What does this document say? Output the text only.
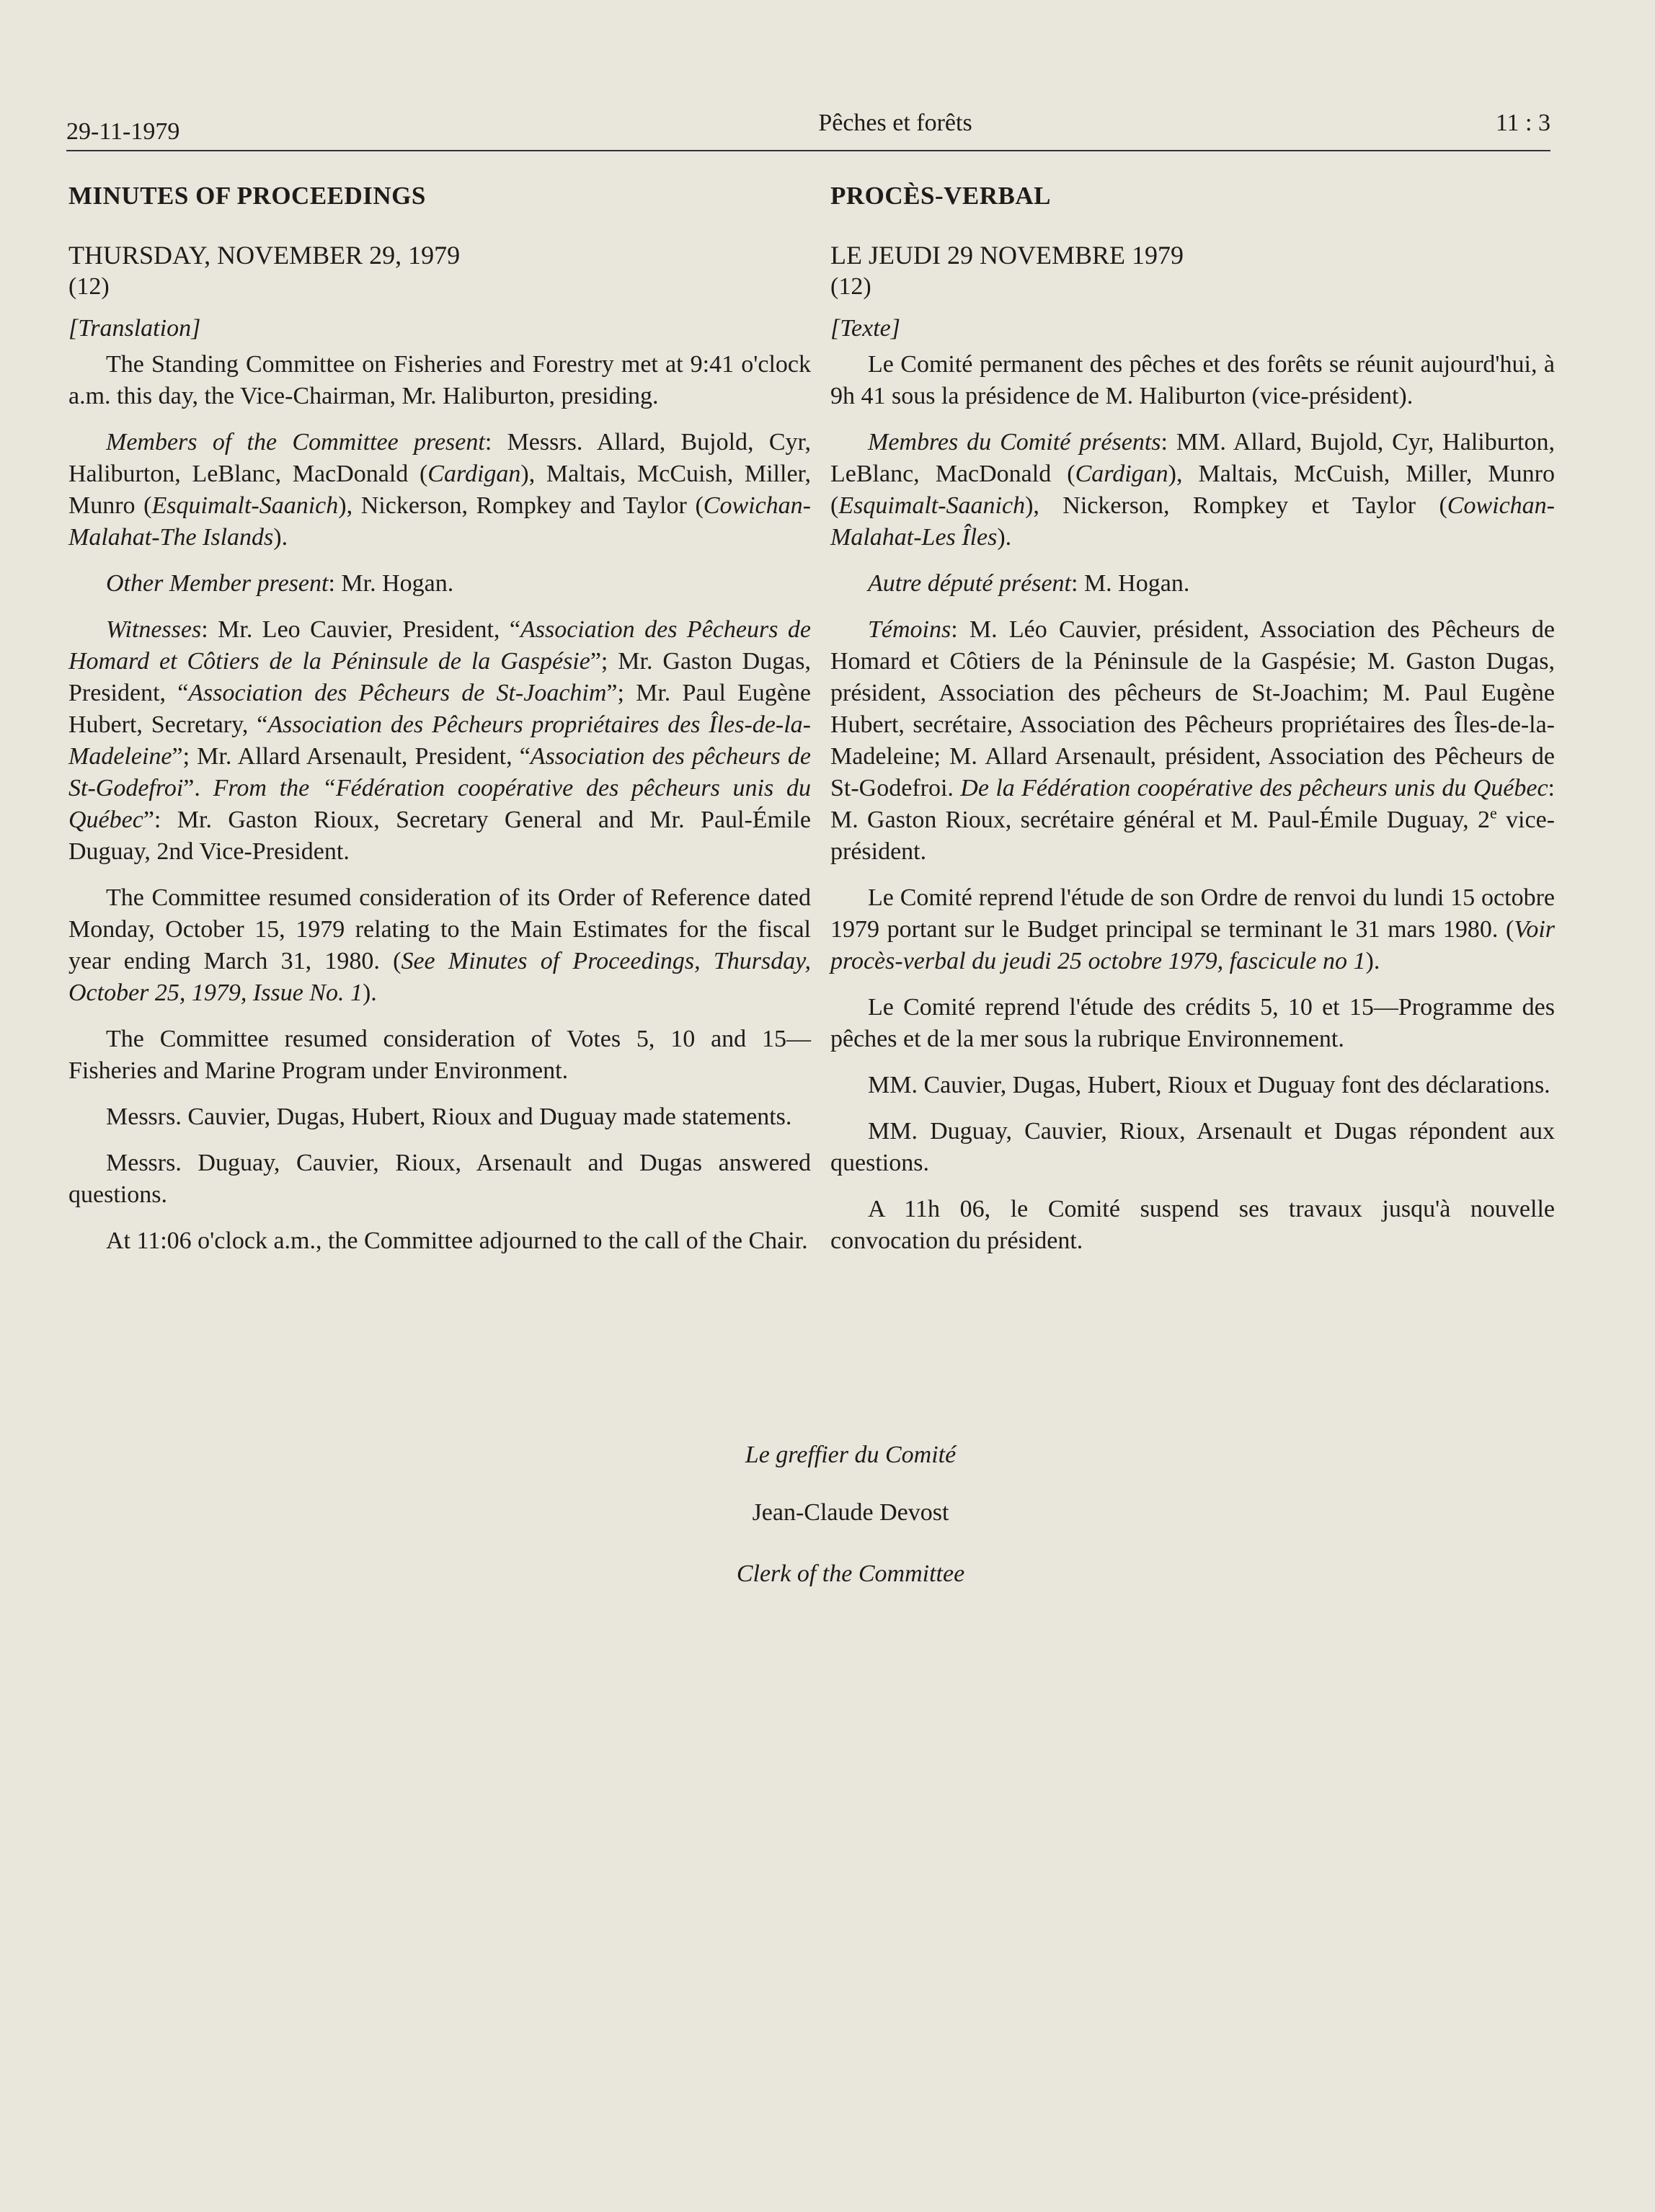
29-11-1979	Pêches et forêts	11 : 3

MINUTES OF PROCEEDINGS

THURSDAY, NOVEMBER 29, 1979

(12)

[Translation]

The Standing Committee on Fisheries and Forestry met at 9:41 o'clock a.m. this day, the Vice-Chairman, Mr. Haliburton, presiding.

Members of the Committee present: Messrs. Allard, Bujold, Cyr, Haliburton, LeBlanc, MacDonald (Cardigan), Maltais, McCuish, Miller, Munro (Esquimalt-Saanich), Nickerson, Rompkey and Taylor (Cowichan-Malahat-The Islands).

Other Member present: Mr. Hogan.

Witnesses: Mr. Leo Cauvier, President, “Association des Pêcheurs de Homard et Côtiers de la Péninsule de la Gaspésie”; Mr. Gaston Dugas, President, “Association des Pêcheurs de St-Joachim”; Mr. Paul Eugène Hubert, Secretary, “Association des Pêcheurs propriétaires des Îles-de-la-Madeleine”; Mr. Allard Arsenault, President, “Association des pêcheurs de St-Godefroi”. From the “Fédération coopérative des pêcheurs unis du Québec”: Mr. Gaston Rioux, Secretary General and Mr. Paul-Émile Duguay, 2nd Vice-President.

The Committee resumed consideration of its Order of Reference dated Monday, October 15, 1979 relating to the Main Estimates for the fiscal year ending March 31, 1980. (See Minutes of Proceedings, Thursday, October 25, 1979, Issue No. 1).

The Committee resumed consideration of Votes 5, 10 and 15—Fisheries and Marine Program under Environment.

Messrs. Cauvier, Dugas, Hubert, Rioux and Duguay made statements.

Messrs. Duguay, Cauvier, Rioux, Arsenault and Dugas answered questions.

At 11:06 o'clock a.m., the Committee adjourned to the call of the Chair.

PROCÈS-VERBAL

LE JEUDI 29 NOVEMBRE 1979

(12)

[Texte]

Le Comité permanent des pêches et des forêts se réunit aujourd'hui, à 9h 41 sous la présidence de M. Haliburton (vice-président).

Membres du Comité présents: MM. Allard, Bujold, Cyr, Haliburton, LeBlanc, MacDonald (Cardigan), Maltais, McCuish, Miller, Munro (Esquimalt-Saanich), Nickerson, Rompkey et Taylor (Cowichan-Malahat-Les Îles).

Autre député présent: M. Hogan.

Témoins: M. Léo Cauvier, président, Association des Pêcheurs de Homard et Côtiers de la Péninsule de la Gaspésie; M. Gaston Dugas, président, Association des pêcheurs de St-Joachim; M. Paul Eugène Hubert, secrétaire, Association des Pêcheurs propriétaires des Îles-de-la-Madeleine; M. Allard Arsenault, président, Association des Pêcheurs de St-Godefroi. De la Fédération coopérative des pêcheurs unis du Québec: M. Gaston Rioux, secrétaire général et M. Paul-Émile Duguay, 2e vice-président.

Le Comité reprend l'étude de son Ordre de renvoi du lundi 15 octobre 1979 portant sur le Budget principal se terminant le 31 mars 1980. (Voir procès-verbal du jeudi 25 octobre 1979, fascicule no 1).

Le Comité reprend l'étude des crédits 5, 10 et 15—Programme des pêches et de la mer sous la rubrique Environnement.

MM. Cauvier, Dugas, Hubert, Rioux et Duguay font des déclarations.

MM. Duguay, Cauvier, Rioux, Arsenault et Dugas répondent aux questions.

A 11h 06, le Comité suspend ses travaux jusqu'à nouvelle convocation du président.

Le greffier du Comité
Jean-Claude Devost
Clerk of the Committee
